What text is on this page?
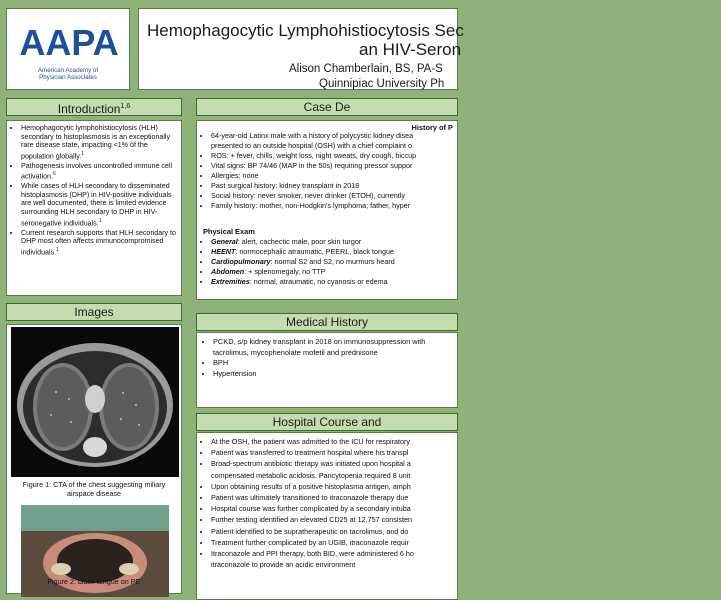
AAPA
American Academy of
Physician Associates
Hemophagocytic Lymphohistiocytosis Sec
an HIV-Seron
Alison Chamberlain, BS, PA-S
Quinnipiac University Ph
Introduction$^{1,6}$
• Hemophagocytic lymphohistiocytosis (HLH) secondary to histoplasmosis is an exceptionally rare disease state, impacting <1% of the population globally.$^1$
• Pathogenesis involves uncontrolled immune cell activation.$^6$
• While cases of HLH secondary to disseminated histoplasmosis (DHP) in HIV-positive individuals are well documented, there is limited evidence surrounding HLH secondary to DHP in HIV-seronegative individuals.$^1$
• Current research supports that HLH secondary to DHP most often affects immunocompromised individuals.$^1$
Images
Figure 1: CTA of the chest suggesting miliary airspace disease
Figure 2: black tongue on PE
Case De
History of P
• 64-year-old Latinx male with a history of polycystic kidney disea
presented to an outside hospital (OSH) with a chief complaint o
• ROS: + fever, chills, weight loss, night sweats, dry cough, hiccup
• Vital signs: BP 74/46 (MAP in the 50s) requiring pressor suppor
• Allergies: none
• Past surgical history: kidney transplant in 2018
• Social history: never smoker, never drinker (ETOH), currently
• Family history: mother, non-Hodgkin's lymphoma; father, hyper
Physical Exam
• General: alert, cachectic male, poor skin turgor
• HEENT: normocephalic atraumatic, PEERL, black tongue
• Cardiopulmonary: normal S2 and S2, no murmurs heard
• Abdomen: + splenomegaly, no TTP
• Extremities: normal, atraumatic, no cyanosis or edema
Medical History
• PCKD, s/p kidney transplant in 2018 on immunosuppression with tacrolimus, mycophenolate mofetil and prednisone
• BPH
• Hypertension
Hospital Course and
• At the OSH, the patient was admitted to the ICU for respiratory
• Patient was transferred to treatment hospital where his transpl
• Broad-spectrum antibiotic therapy was initiated upon hospital a
compensated metabolic acidosis. Pancytopenia required 8 unit
• Upon obtaining results of a positive histoplasma antigen, amph
• Patient was ultimately transitioned to itraconazole therapy due
• Hospital course was further complicated by a secondary intuba
• Further testing identified an elevated CD25 at 12,757 consisten
• Patient identified to be supratherapeutic on tacrolimus, and do
• Treatment further complicated by an UGIB, itraconazole requir
• Itraconazole and PPI therapy, both BID, were administered 6 ho
itraconazole to provide an acidic environment
